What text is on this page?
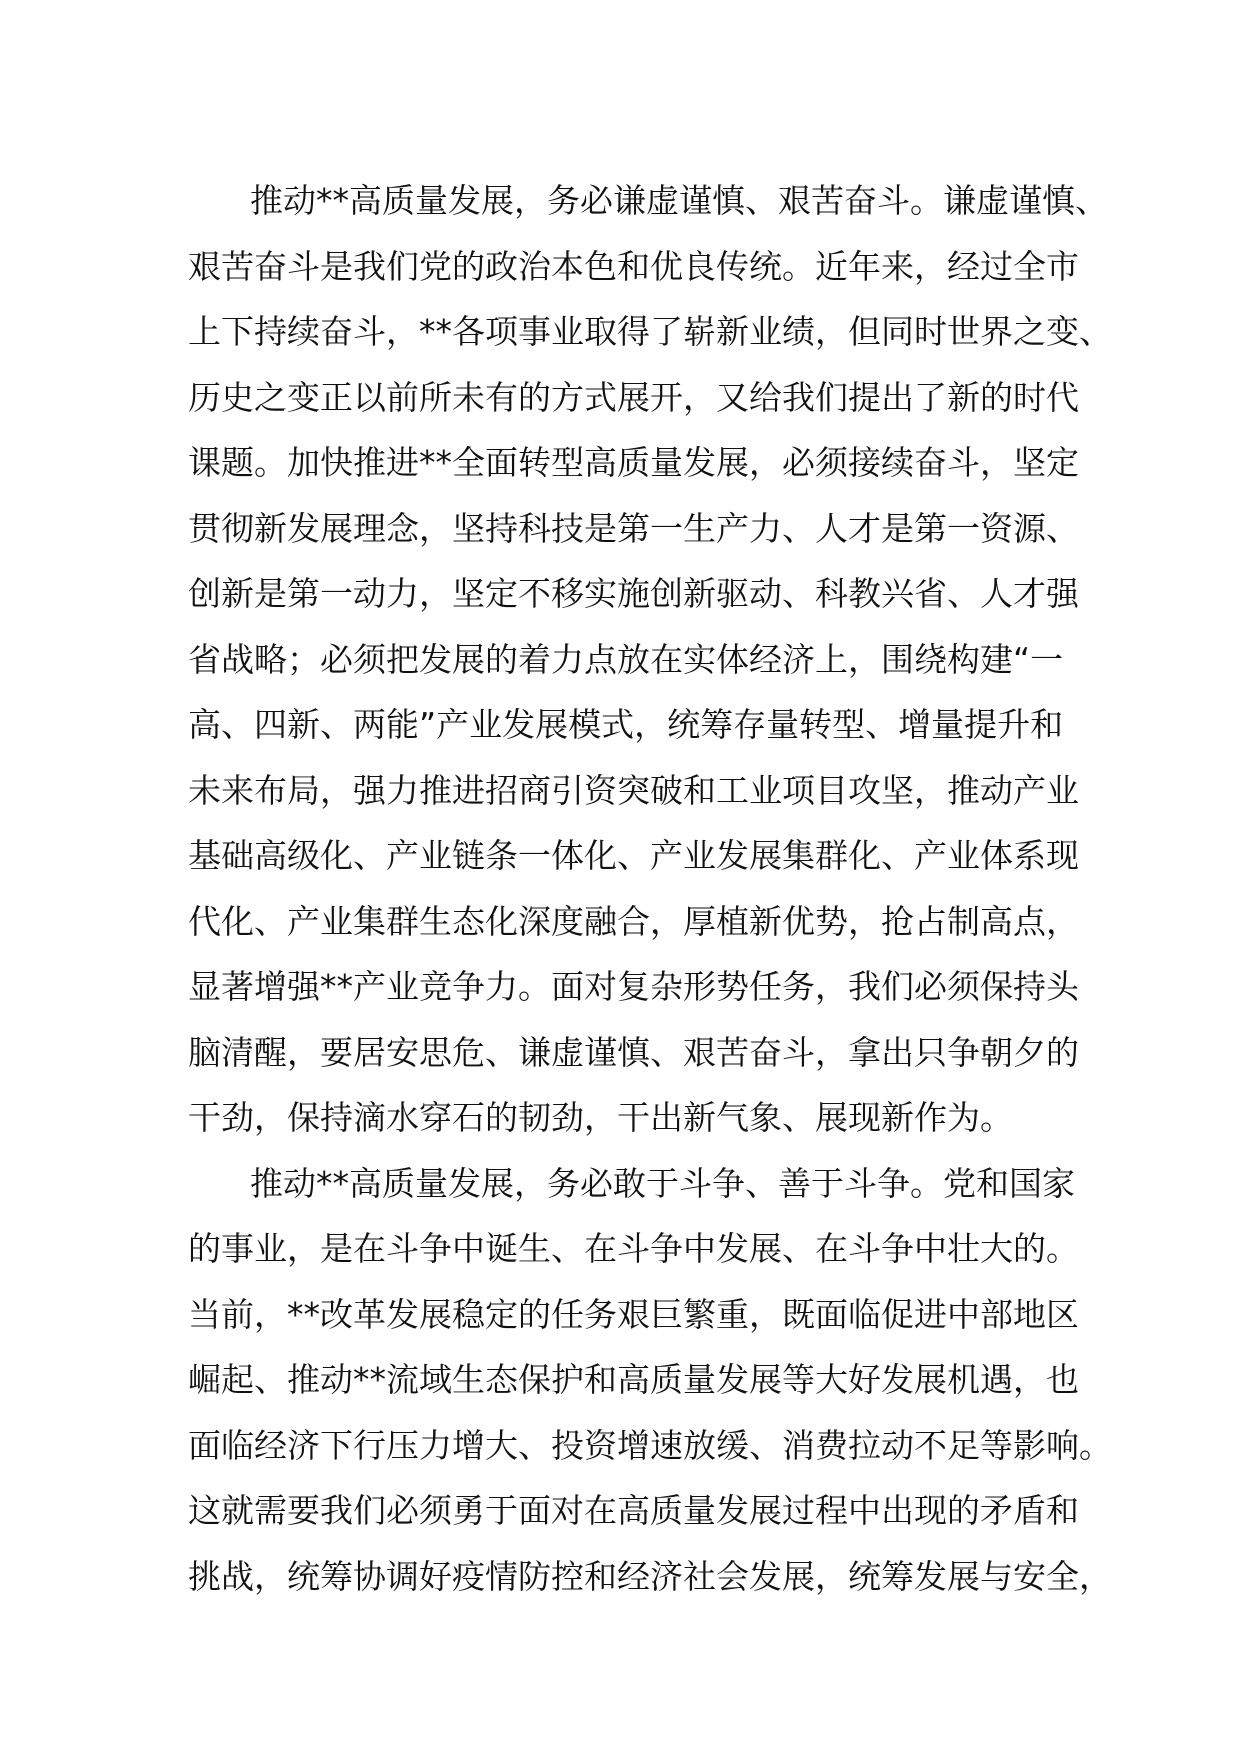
推动**高质量发展，务必谦虚谨慎、艰苦奋斗。谦虚谨慎、

艰苦奋斗是我们党的政治本色和优良传统。近年来，经过全市

上下持续奋斗，**各项事业取得了崭新业绩，但同时世界之变、

历史之变正以前所未有的方式展开，又给我们提出了新的时代

课题。加快推进**全面转型高质量发展，必须接续奋斗，坚定

贯彻新发展理念，坚持科技是第一生产力、人才是第一资源、

创新是第一动力，坚定不移实施创新驱动、科教兴省、人才强

省战略；必须把发展的着力点放在实体经济上，围绕构建“一

高、四新、两能”产业发展模式，统筹存量转型、增量提升和

未来布局，强力推进招商引资突破和工业项目攻坚，推动产业

基础高级化、产业链条一体化、产业发展集群化、产业体系现

代化、产业集群生态化深度融合，厚植新优势，抢占制高点，

显著增强**产业竞争力。面对复杂形势任务，我们必须保持头

脑清醒，要居安思危、谦虚谨慎、艰苦奋斗，拿出只争朝夕的

干劲，保持滴水穿石的韧劲，干出新气象、展现新作为。

推动**高质量发展，务必敢于斗争、善于斗争。党和国家

的事业，是在斗争中诞生、在斗争中发展、在斗争中壮大的。

当前，**改革发展稳定的任务艰巨繁重，既面临促进中部地区

崛起、推动**流域生态保护和高质量发展等大好发展机遇，也

面临经济下行压力增大、投资增速放缓、消费拉动不足等影响。

这就需要我们必须勇于面对在高质量发展过程中出现的矛盾和

挑战，统筹协调好疫情防控和经济社会发展，统筹发展与安全，
